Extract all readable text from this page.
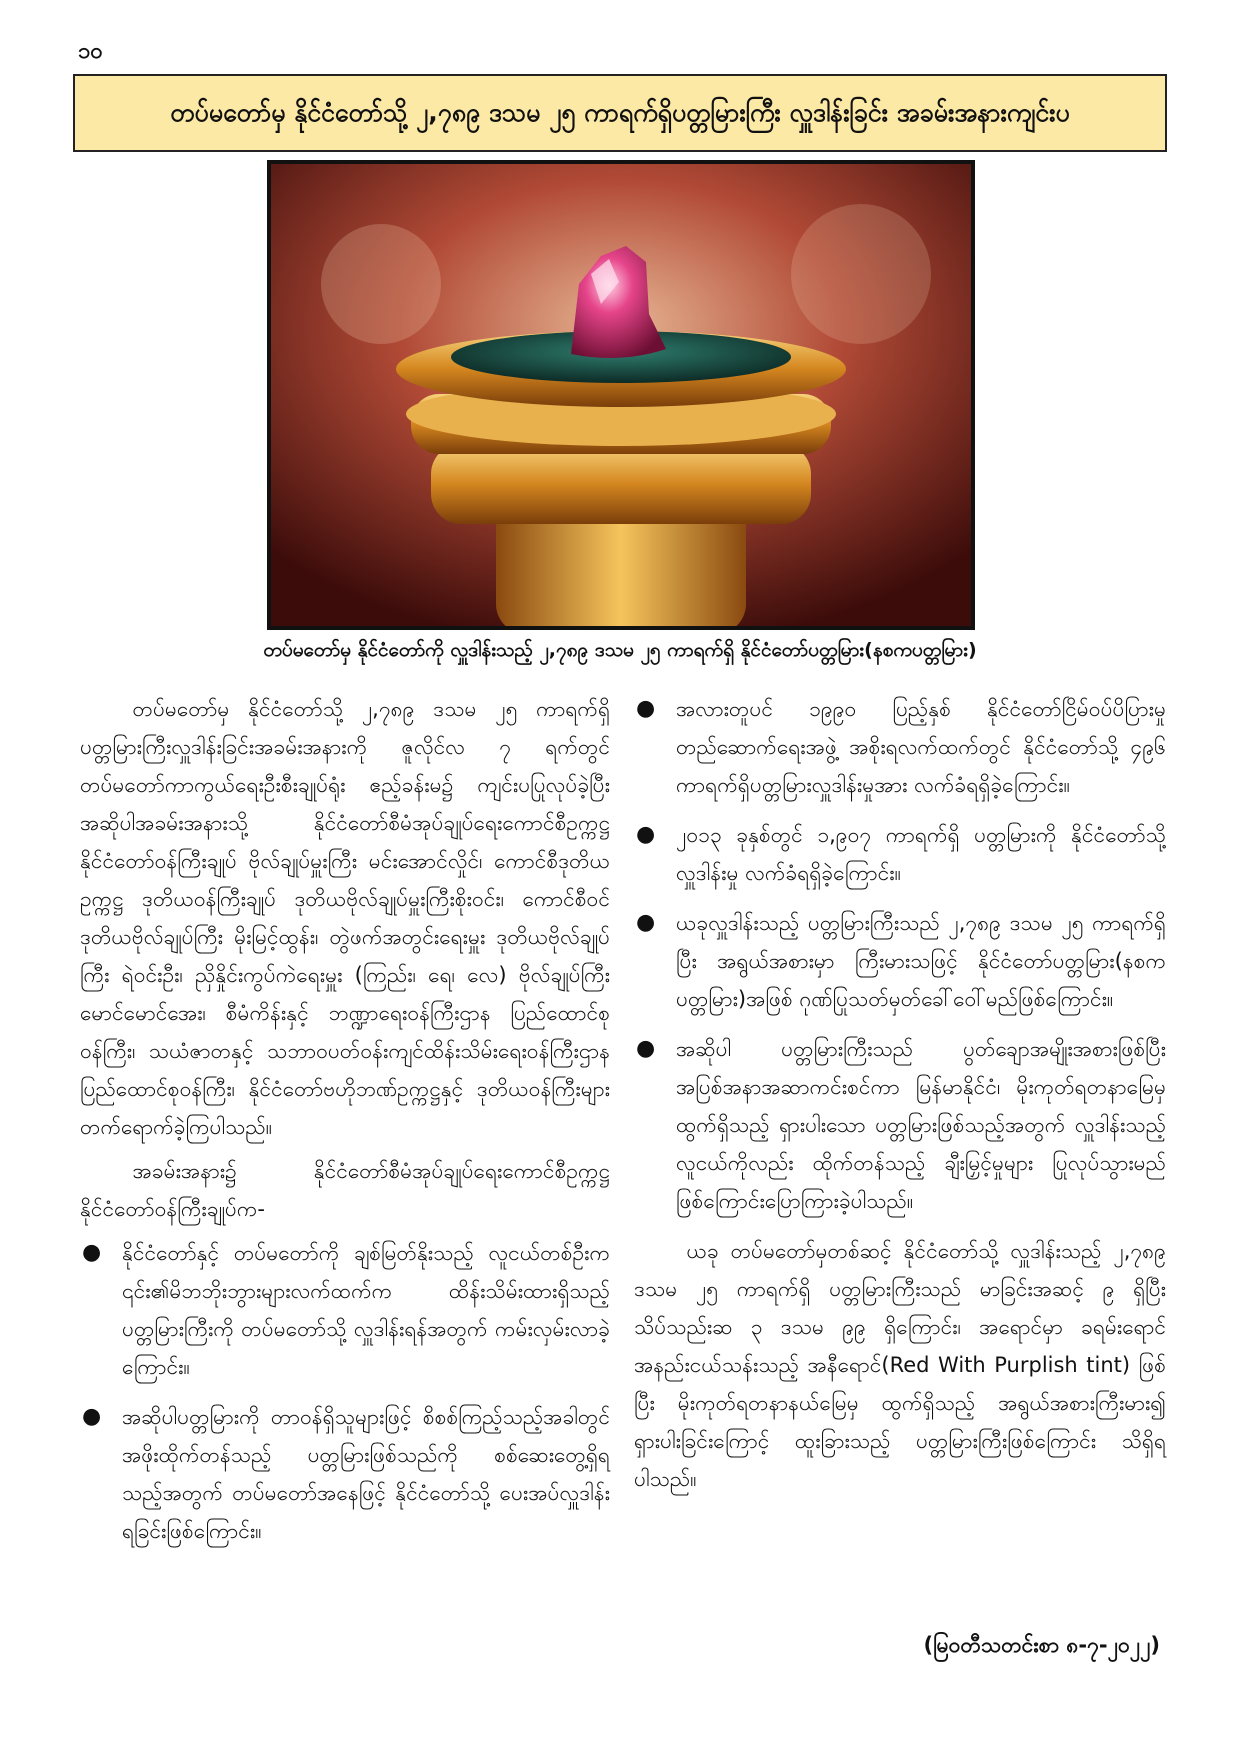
၁၀
တပ်မတော်မှ နိုင်ငံတော်သို့ ၂,၇၈၉ ဒသမ ၂၅ ကာရက်ရှိပတ္တမြားကြီး လှူဒါန်းခြင်း အခမ်းအနားကျင်းပ
တပ်မတော်မှ နိုင်ငံတော်ကို လှူဒါန်းသည့် ၂,၇၈၉ ဒသမ ၂၅ ကာရက်ရှိ နိုင်ငံတော်ပတ္တမြား(နစကပတ္တမြား)

တပ်မတော်မှ နိုင်ငံတော်သို့ ၂,၇၈၉ ဒသမ ၂၅ ကာရက်ရှိ ပတ္တမြားကြီးလှူဒါန်းခြင်းအခမ်းအနားကို ဇူလိုင်လ ၇ ရက်တွင် တပ်မတော်ကာကွယ်ရေးဦးစီးချုပ်ရုံး ဧည့်ခန်းမ၌ ကျင်းပပြုလုပ်ခဲ့ပြီး အဆိုပါအခမ်းအနားသို့ နိုင်ငံတော်စီမံအုပ်ချုပ်ရေးကောင်စီဥက္ကဋ္ဌ နိုင်ငံတော်ဝန်ကြီးချုပ် ဗိုလ်ချုပ်မှူးကြီး မင်းအောင်လှိုင်၊ ကောင်စီဒုတိယဥက္ကဋ္ဌ ဒုတိယဝန်ကြီးချုပ် ဒုတိယဗိုလ်ချုပ်မှူးကြီးစိုးဝင်း၊ ကောင်စီဝင် ဒုတိယဗိုလ်ချုပ်ကြီး မိုးမြင့်ထွန်း၊ တွဲဖက်အတွင်းရေးမှူး ဒုတိယဗိုလ်ချုပ်ကြီး ရဲဝင်းဦး၊ ညှိနှိုင်းကွပ်ကဲရေးမှူး (ကြည်း၊ ရေ၊ လေ) ဗိုလ်ချုပ်ကြီး မောင်မောင်အေး၊ စီမံကိန်းနှင့် ဘဏ္ဍာရေးဝန်ကြီးဌာန ပြည်ထောင်စုဝန်ကြီး၊ သယံဇာတနှင့် သဘာဝပတ်ဝန်းကျင်ထိန်းသိမ်းရေးဝန်ကြီးဌာန ပြည်ထောင်စုဝန်ကြီး၊ နိုင်ငံတော်ဗဟိုဘဏ်ဥက္ကဋ္ဌနှင့် ဒုတိယဝန်ကြီးများ တက်ရောက်ခဲ့ကြပါသည်။

အခမ်းအနား၌ နိုင်ငံတော်စီမံအုပ်ချုပ်ရေးကောင်စီဥက္ကဋ္ဌ နိုင်ငံတော်ဝန်ကြီးချုပ်က-

● နိုင်ငံတော်နှင့် တပ်မတော်ကို ချစ်မြတ်နိုးသည့် လူငယ်တစ်ဦးက ၎င်း၏မိဘဘိုးဘွားများလက်ထက်က ထိန်းသိမ်းထားရှိသည့် ပတ္တမြားကြီးကို တပ်မတော်သို့ လှူဒါန်းရန်အတွက် ကမ်းလှမ်းလာခဲ့ကြောင်း။
● အဆိုပါပတ္တမြားကို တာဝန်ရှိသူများဖြင့် စိစစ်ကြည့်သည့်အခါတွင် အဖိုးထိုက်တန်သည့် ပတ္တမြားဖြစ်သည်ကို စစ်ဆေးတွေ့ရှိရသည့်အတွက် တပ်မတော်အနေဖြင့် နိုင်ငံတော်သို့ ပေးအပ်လှူဒါန်းရခြင်းဖြစ်ကြောင်း။
● အလားတူပင် ၁၉၉၀ ပြည့်နှစ် နိုင်ငံတော်ငြိမ်ဝပ်ပိပြားမှု တည်ဆောက်ရေးအဖွဲ့ အစိုးရလက်ထက်တွင် နိုင်ငံတော်သို့ ၄၉၆ ကာရက်ရှိပတ္တမြားလှူဒါန်းမှုအား လက်ခံရရှိခဲ့ကြောင်း။
● ၂၀၁၃ ခုနှစ်တွင် ၁,၉၀၇ ကာရက်ရှိ ပတ္တမြားကို နိုင်ငံတော်သို့ လှူဒါန်းမှု လက်ခံရရှိခဲ့ကြောင်း။
● ယခုလှူဒါန်းသည့် ပတ္တမြားကြီးသည် ၂,၇၈၉ ဒသမ ၂၅ ကာရက်ရှိပြီး အရွယ်အစားမှာ ကြီးမားသဖြင့် နိုင်ငံတော်ပတ္တမြား(နစကပတ္တမြား)အဖြစ် ဂုဏ်ပြုသတ်မှတ်ခေါ်ဝေါ်မည်ဖြစ်ကြောင်း။
● အဆိုပါ ပတ္တမြားကြီးသည် ပွတ်ချောအမျိုးအစားဖြစ်ပြီး အပြစ်အနာအဆာကင်းစင်ကာ မြန်မာနိုင်ငံ၊ မိုးကုတ်ရတနာမြေမှ ထွက်ရှိသည့် ရှားပါးသော ပတ္တမြားဖြစ်သည့်အတွက် လှူဒါန်းသည့်လူငယ်ကိုလည်း ထိုက်တန်သည့် ချီးမြှင့်မှုများ ပြုလုပ်သွားမည်ဖြစ်ကြောင်းပြောကြားခဲ့ပါသည်။

ယခု တပ်မတော်မှတစ်ဆင့် နိုင်ငံတော်သို့ လှူဒါန်းသည့် ၂,၇၈၉ ဒသမ ၂၅ ကာရက်ရှိ ပတ္တမြားကြီးသည် မာခြင်းအဆင့် ၉ ရှိပြီး သိပ်သည်းဆ ၃ ဒသမ ၉၉ ရှိကြောင်း၊ အရောင်မှာ ခရမ်းရောင်အနည်းငယ်သန်းသည့် အနီရောင်(Red With Purplish tint) ဖြစ်ပြီး မိုးကုတ်ရတနာနယ်မြေမှ ထွက်ရှိသည့် အရွယ်အစားကြီးမား၍ ရှားပါးခြင်းကြောင့် ထူးခြားသည့် ပတ္တမြားကြီးဖြစ်ကြောင်း သိရှိရပါသည်။

(မြဝတီသတင်းစာ ၈-၇-၂၀၂၂)
